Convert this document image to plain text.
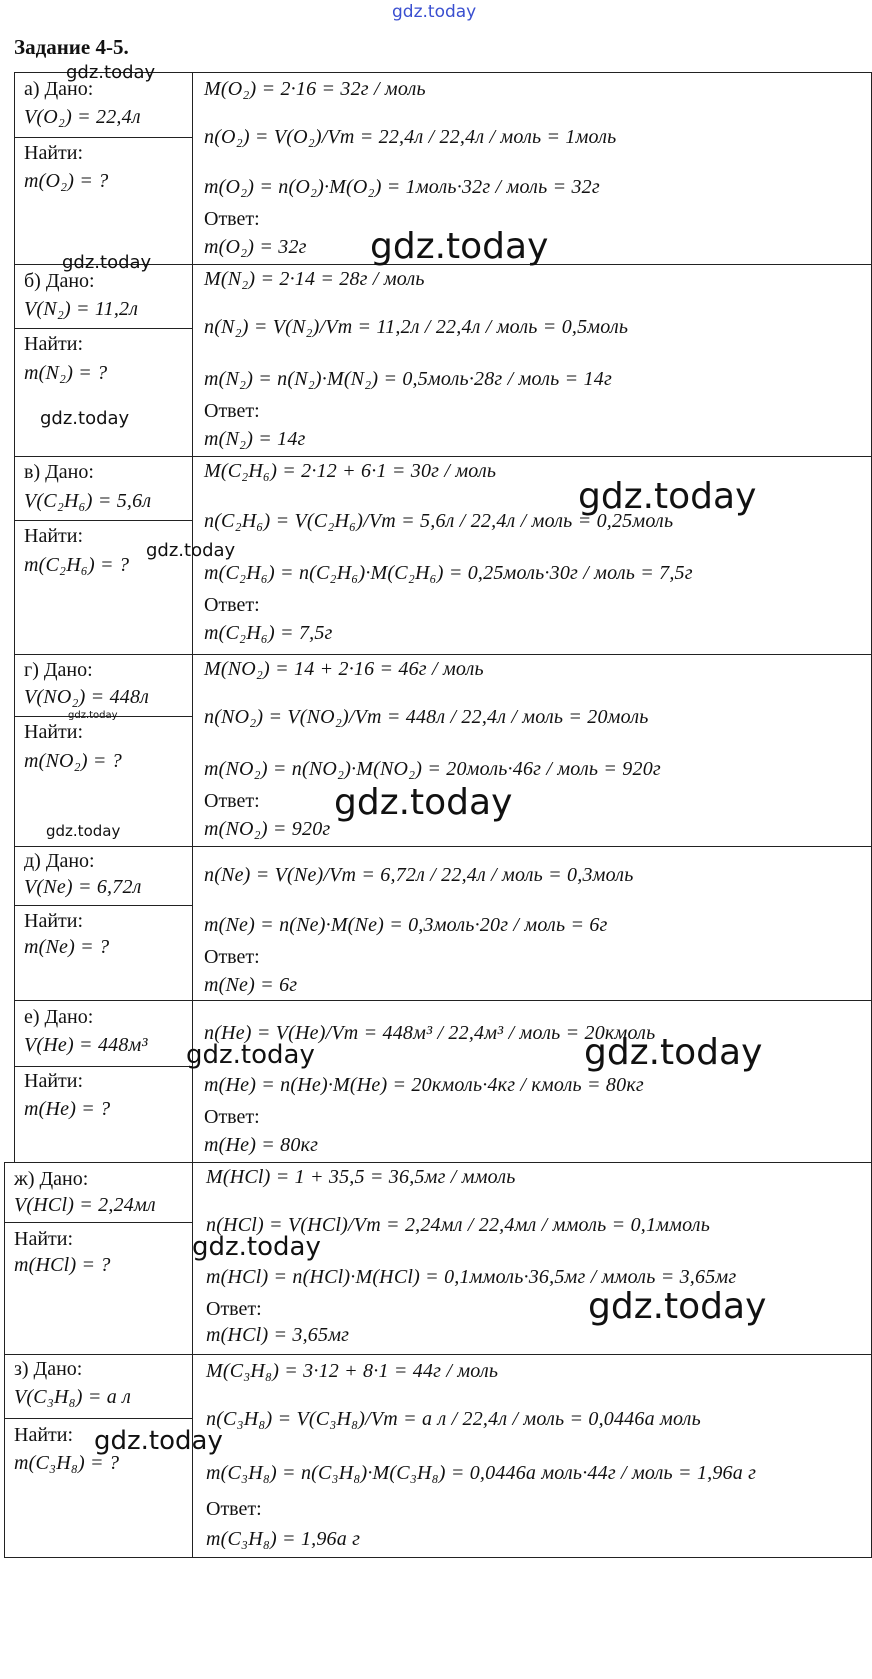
gdz.today
Задание 4-5.
а) Дано:
V(O₂) = 22,4л
Найти:
m(O₂) = ?
M(O₂) = 2·16 = 32г / моль
n(O₂) = V(O₂)/Vm = 22,4л / 22,4л / моль = 1моль
m(O₂) = n(O₂)·M(O₂) = 1моль·32г / моль = 32г
Ответ:
m(O₂) = 32г
б) Дано:
V(N₂) = 11,2л
Найти:
m(N₂) = ?
M(N₂) = 2·14 = 28г / моль
n(N₂) = V(N₂)/Vm = 11,2л / 22,4л / моль = 0,5моль
m(N₂) = n(N₂)·M(N₂) = 0,5моль·28г / моль = 14г
Ответ:
m(N₂) = 14г
в) Дано:
V(C₂H₆) = 5,6л
Найти:
m(C₂H₆) = ?
M(C₂H₆) = 2·12 + 6·1 = 30г / моль
n(C₂H₆) = V(C₂H₆)/Vm = 5,6л / 22,4л / моль = 0,25моль
m(C₂H₆) = n(C₂H₆)·M(C₂H₆) = 0,25моль·30г / моль = 7,5г
Ответ:
m(C₂H₆) = 7,5г
г) Дано:
V(NO₂) = 448л
Найти:
m(NO₂) = ?
M(NO₂) = 14 + 2·16 = 46г / моль
n(NO₂) = V(NO₂)/Vm = 448л / 22,4л / моль = 20моль
m(NO₂) = n(NO₂)·M(NO₂) = 20моль·46г / моль = 920г
Ответ:
m(NO₂) = 920г
д) Дано:
V(Ne) = 6,72л
Найти:
m(Ne) = ?
n(Ne) = V(Ne)/Vm = 6,72л / 22,4л / моль = 0,3моль
m(Ne) = n(Ne)·M(Ne) = 0,3моль·20г / моль = 6г
Ответ:
m(Ne) = 6г
е) Дано:
V(He) = 448м³
Найти:
m(He) = ?
n(He) = V(He)/Vm = 448м³ / 22,4м³ / моль = 20кмоль
m(He) = n(He)·M(He) = 20кмоль·4кг / кмоль = 80кг
Ответ:
m(He) = 80кг
ж) Дано:
V(HCl) = 2,24мл
Найти:
m(HCl) = ?
M(HCl) = 1 + 35,5 = 36,5мг / ммоль
n(HCl) = V(HCl)/Vm = 2,24мл / 22,4мл / ммоль = 0,1ммоль
m(HCl) = n(HCl)·M(HCl) = 0,1ммоль·36,5мг / ммоль = 3,65мг
Ответ:
m(HCl) = 3,65мг
з) Дано:
V(C₃H₈) = a л
Найти:
m(C₃H₈) = ?
M(C₃H₈) = 3·12 + 8·1 = 44г / моль
n(C₃H₈) = V(C₃H₈)/Vm = a л / 22,4л / моль = 0,0446a моль
m(C₃H₈) = n(C₃H₈)·M(C₃H₈) = 0,0446a моль·44г / моль = 1,96a г
Ответ:
m(C₃H₈) = 1,96a г
gdz.today
gdz.today
gdz.today
gdz.today
gdz.today
gdz.today
gdz.today
gdz.today
gdz.today
gdz.today
gdz.today
gdz.today
gdz.today
gdz.today
